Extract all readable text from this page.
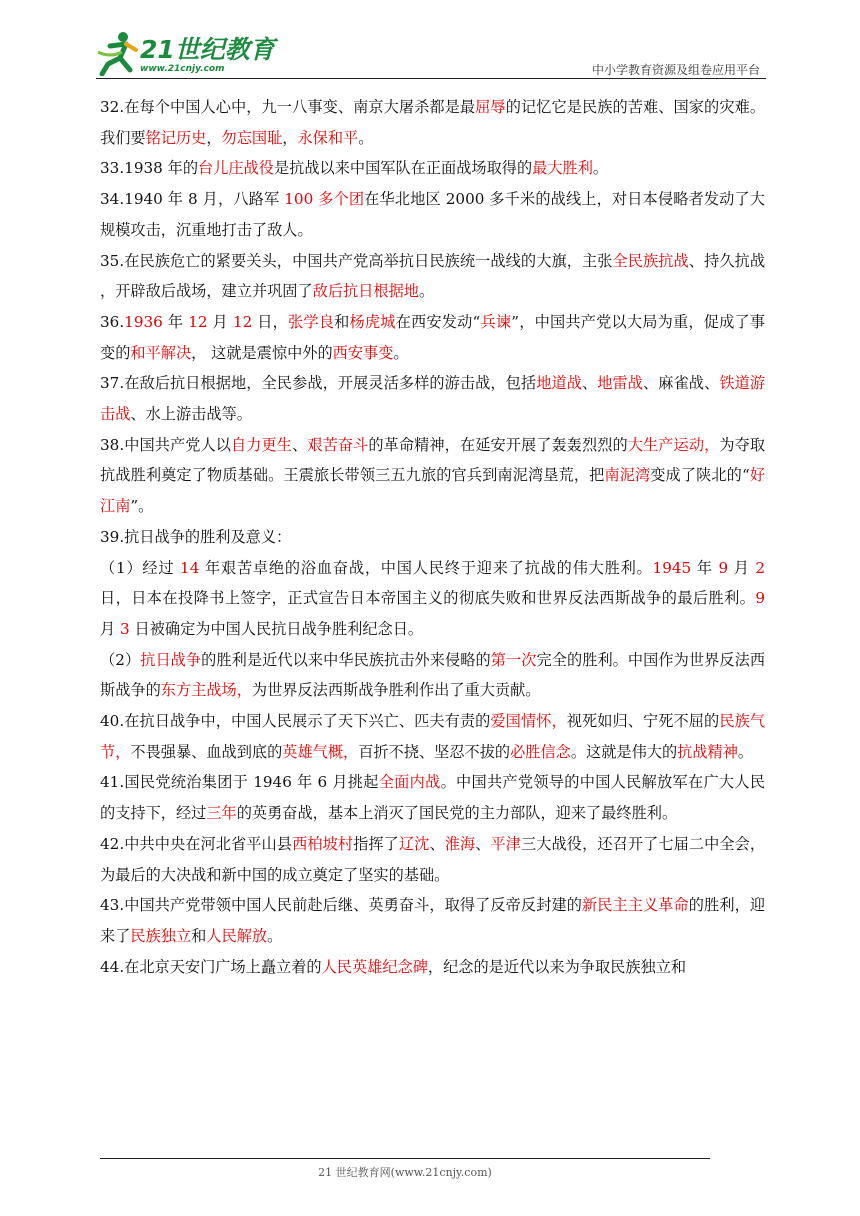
21世纪教育
www.21cnjy.com	中小学教育资源及组卷应用平台

32.在每个中国人心中，九一八事变、南京大屠杀都是最屈辱的记忆它是民族的苦难、国家的灾难。我们要铭记历史，勿忘国耻，永保和平。

33.1938 年的台儿庄战役是抗战以来中国军队在正面战场取得的最大胜利。

34.1940 年 8 月，八路军 100 多个团在华北地区 2000 多千米的战线上，对日本侵略者发动了大规模攻击，沉重地打击了敌人。

35.在民族危亡的紧要关头，中国共产党高举抗日民族统一战线的大旗，主张全民族抗战、持久抗战 ，开辟敌后战场，建立并巩固了敌后抗日根据地。

36.1936 年 12 月 12 日，张学良和杨虎城在西安发动“兵谏”，中国共产党以大局为重，促成了事变的和平解决， 这就是震惊中外的西安事变。

37.在敌后抗日根据地，全民参战，开展灵活多样的游击战，包括地道战、地雷战、麻雀战、铁道游击战、水上游击战等。

38.中国共产党人以自力更生、艰苦奋斗的革命精神，在延安开展了轰轰烈烈的大生产运动，为夺取抗战胜利奠定了物质基础。王震旅长带领三五九旅的官兵到南泥湾垦荒，把南泥湾变成了陕北的“好江南”。

39.抗日战争的胜利及意义：

（1）经过 14 年艰苦卓绝的浴血奋战，中国人民终于迎来了抗战的伟大胜利。1945 年 9 月 2 日，日本在投降书上签字，正式宣告日本帝国主义的彻底失败和世界反法西斯战争的最后胜利。9 月 3 日被确定为中国人民抗日战争胜利纪念日。

（2）抗日战争的胜利是近代以来中华民族抗击外来侵略的第一次完全的胜利。中国作为世界反法西斯战争的东方主战场，为世界反法西斯战争胜利作出了重大贡献。

40.在抗日战争中，中国人民展示了天下兴亡、匹夫有责的爱国情怀，视死如归、宁死不屈的民族气节，不畏强暴、血战到底的英雄气概，百折不挠、坚忍不拔的必胜信念。这就是伟大的抗战精神。

41.国民党统治集团于 1946 年 6 月挑起全面内战。中国共产党领导的中国人民解放军在广大人民的支持下，经过三年的英勇奋战，基本上消灭了国民党的主力部队，迎来了最终胜利。

42.中共中央在河北省平山县西柏坡村指挥了辽沈、淮海、平津三大战役，还召开了七届二中全会，为最后的大决战和新中国的成立奠定了坚实的基础。

43.中国共产党带领中国人民前赴后继、英勇奋斗，取得了反帝反封建的新民主主义革命的胜利，迎来了民族独立和人民解放。

44.在北京天安门广场上矗立着的人民英雄纪念碑，纪念的是近代以来为争取民族独立和

21 世纪教育网(www.21cnjy.com)
